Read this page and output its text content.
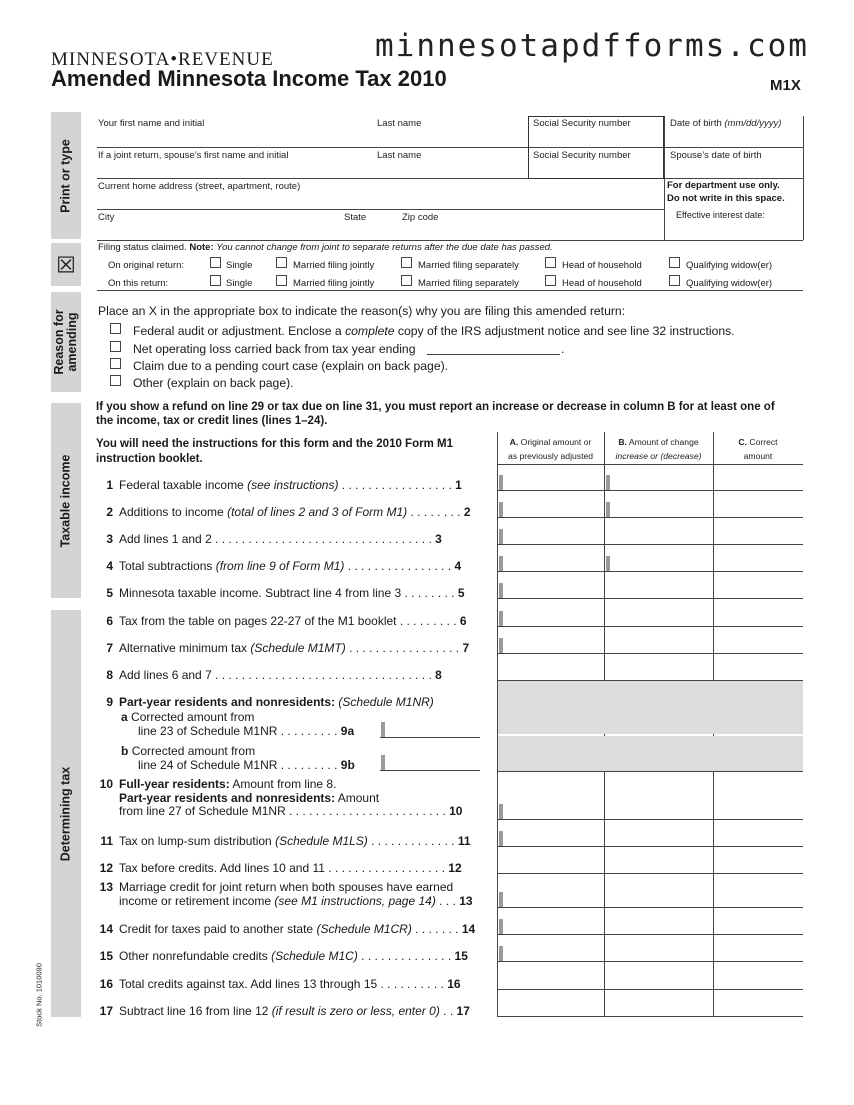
minnesotapdfforms.com
MINNESOTA•REVENUE
Amended Minnesota Income Tax 2010	M1X
Print or type
☒
Reason for amending
Taxable income
Determining tax
Stock No. 1010090
Your first name and initial	Last name	Social Security number	Date of birth (mm/dd/yyyy)
If a joint return, spouse’s first name and initial	Last name	Social Security number	Spouse’s date of birth
Current home address (street, apartment, route)	For department use only.
Do not write in this space.
Effective interest date:
City	State	Zip code
Filing status claimed. Note: You cannot change from joint to separate returns after the due date has passed.
On original return:
On this return:
Single	Married filing jointly	Married filing separately	Head of household	Qualifying widow(er)
Single	Married filing jointly	Married filing separately	Head of household	Qualifying widow(er)
Place an X in the appropriate box to indicate the reason(s) why you are filing this amended return:
Federal audit or adjustment. Enclose a complete copy of the IRS adjustment notice and see line 32 instructions.
Net operating loss carried back from tax year ending	.
Claim due to a pending court case (explain on back page).
Other (explain on back page).
If you show a refund on line 29 or tax due on line 31, you must report an increase or decrease in column B for at least one of
the income, tax or credit lines (lines 1–24).
You will need the instructions for this form and the 2010 Form M1
instruction booklet.
A. Original amount or
as previously adjusted
B. Amount of change
increase or (decrease)
C. Correct
amount
1 Federal taxable income (see instructions) . . . . . . . . . . . . . . . . . 1
2 Additions to income (total of lines 2 and 3 of Form M1) . . . . . . . . 2
3 Add lines 1 and 2 . . . . . . . . . . . . . . . . . . . . . . . . . . . . . . . . . 3
4 Total subtractions (from line 9 of Form M1) . . . . . . . . . . . . . . . . 4
5 Minnesota taxable income. Subtract line 4 from line 3 . . . . . . . . 5
6 Tax from the table on pages 22-27 of the M1 booklet . . . . . . . . . 6
7 Alternative minimum tax (Schedule M1MT) . . . . . . . . . . . . . . . . . 7
8 Add lines 6 and 7 . . . . . . . . . . . . . . . . . . . . . . . . . . . . . . . . . 8
9 Part-year residents and nonresidents: (Schedule M1NR)
a Corrected amount from
line 23 of Schedule M1NR . . . . . . . . . 9a
b Corrected amount from
line 24 of Schedule M1NR . . . . . . . . . 9b
10 Full-year residents: Amount from line 8.
Part-year residents and nonresidents: Amount
from line 27 of Schedule M1NR . . . . . . . . . . . . . . . . . . . . . . . . 10
11 Tax on lump-sum distribution (Schedule M1LS) . . . . . . . . . . . . . 11
12 Tax before credits. Add lines 10 and 11 . . . . . . . . . . . . . . . . . . 12
13 Marriage credit for joint return when both spouses have earned
income or retirement income (see M1 instructions, page 14) . . . 13
14 Credit for taxes paid to another state (Schedule M1CR) . . . . . . . 14
15 Other nonrefundable credits (Schedule M1C) . . . . . . . . . . . . . . 15
16 Total credits against tax. Add lines 13 through 15 . . . . . . . . . . 16
17 Subtract line 16 from line 12 (if result is zero or less, enter 0) . . 17
